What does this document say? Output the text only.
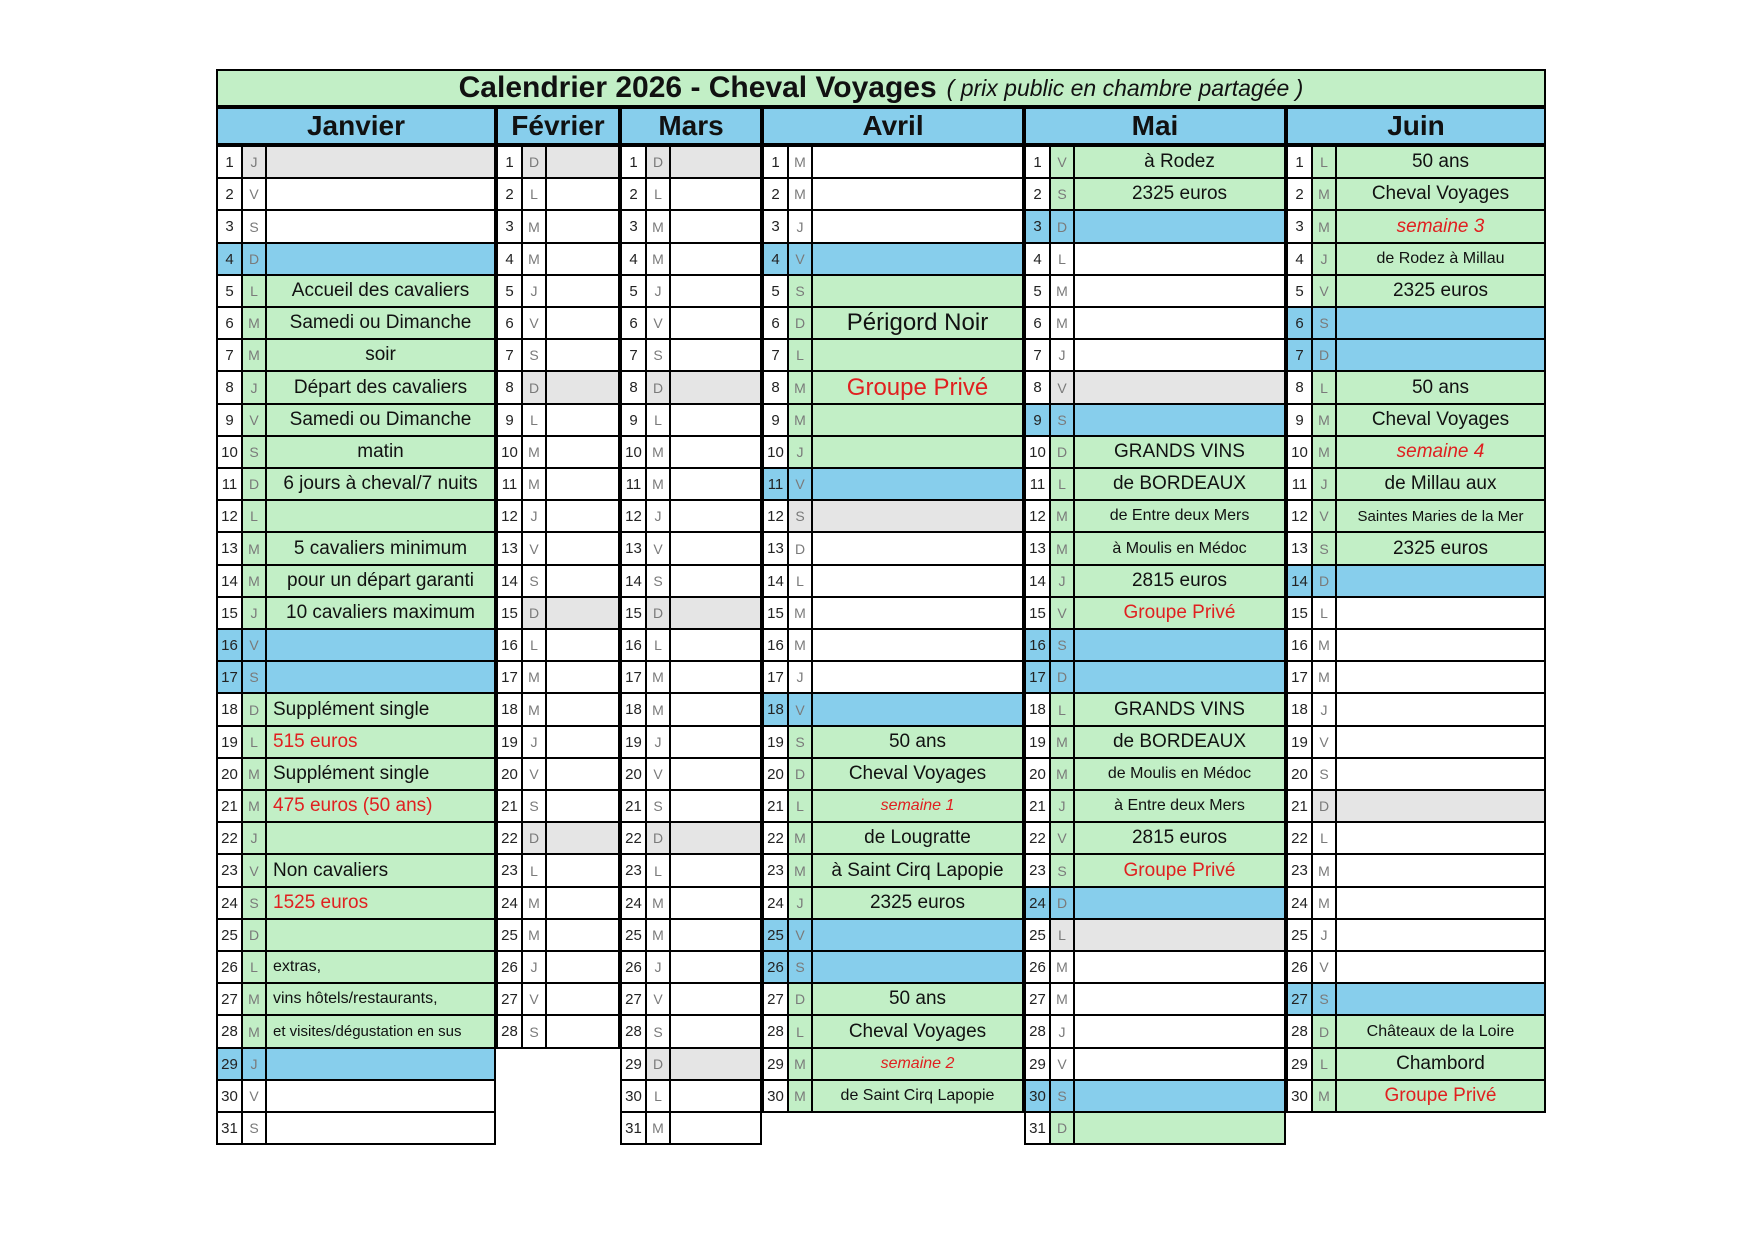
Calendrier 2026 - Cheval Voyages ( prix public en chambre partagée )
Janvier
1	J
2	V
3	S
4	D
5	L	Accueil des cavaliers
6	M	Samedi ou Dimanche
7	M	soir
8	J	Départ des cavaliers
9	V	Samedi ou Dimanche
10 S	matin
11 D	6 jours à cheval/7 nuits
12 L
13 M	5 cavaliers minimum
14 M	pour un départ garanti
15 J	10 cavaliers maximum
16 V
17 S
18 D Supplément single
19 L 515 euros
20 M Supplément single
21 M 475 euros (50 ans)
22 J
23 V Non cavaliers
24 S 1525 euros
25 D
26 L extras,
27 M vins hôtels/restaurants,
28 M et visites/dégustation en sus
29 J
30 V
31 S
Février
1	D
2	L
3	M
4	M
5	J
6	V
7	S
8	D
9	L
10 M
11 M
12 J
13 V
14 S
15 D
16 L
17 M
18 M
19 J
20 V
21 S
22 D
23 L
24 M
25 M
26 J
27 V
28 S
Mars
1	D
2	L
3	M
4	M
5	J
6	V
7	S
8	D
9	L
10 M
11 M
12 J
13 V
14 S
15 D
16 L
17 M
18 M
19 J
20 V
21 S
22 D
23 L
24 M
25 M
26 J
27 V
28 S
29 D
30 L
31 M
Avril
1	M
2	M
3	J
4	V
5	S
6	D	Périgord Noir
7	L
8	M	Groupe Privé
9	M
10 J
11 V
12 S
13 D
14 L
15 M
16 M
17 J
18 V
19 S	50 ans
20 D	Cheval Voyages
21 L	semaine 1
22 M	de Lougratte
23 M	à Saint Cirq Lapopie
24 J	2325 euros
25 V
26 S
27 D	50 ans
28 L	Cheval Voyages
29 M	semaine 2
30 M	de Saint Cirq Lapopie
Mai
1	V	à Rodez
2	S	2325 euros
3	D
4	L
5	M
6	M
7	J
8	V
9	S
10 D	GRANDS VINS
11 L	de BORDEAUX
12 M	de Entre deux Mers
13 M	à Moulis en Médoc
14 J	2815 euros
15 V	Groupe Privé
16 S
17 D
18 L	GRANDS VINS
19 M	de BORDEAUX
20 M	de Moulis en Médoc
21 J	à Entre deux Mers
22 V	2815 euros
23 S	Groupe Privé
24 D
25 L
26 M
27 M
28 J
29 V
30 S
31 D
Juin
1	L	50 ans
2	M	Cheval Voyages
3	M	semaine 3
4	J	de Rodez à Millau
5	V	2325 euros
6	S
7	D
8	L	50 ans
9	M	Cheval Voyages
10 M	semaine 4
11 J	de Millau aux
12 V	Saintes Maries de la Mer
13 S	2325 euros
14 D
15 L
16 M
17 M
18 J
19 V
20 S
21 D
22 L
23 M
24 M
25 J
26 V
27 S
28 D	Châteaux de la Loire
29 L	Chambord
30 M	Groupe Privé
